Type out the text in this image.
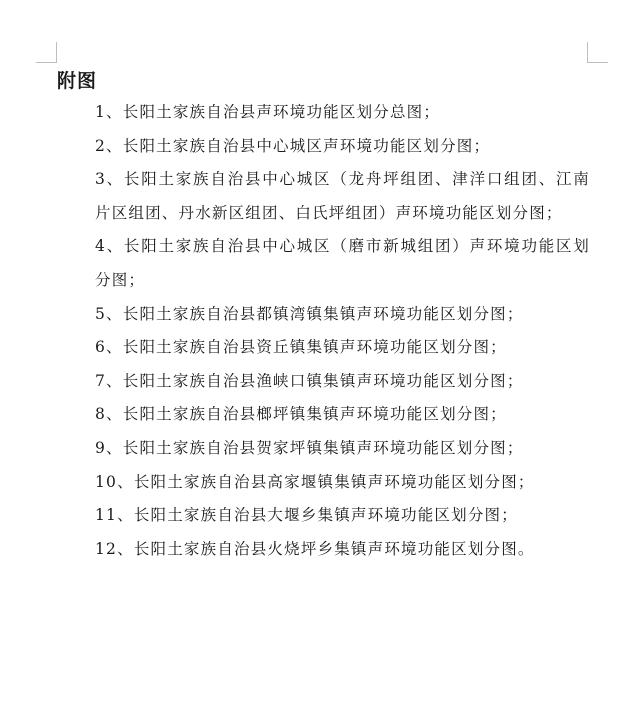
附图
1、长阳土家族自治县声环境功能区划分总图；
2、长阳土家族自治县中心城区声环境功能区划分图；
3、长阳土家族自治县中心城区（龙舟坪组团、津洋口组团、江南片区组团、丹水新区组团、白氏坪组团）声环境功能区划分图；
4、长阳土家族自治县中心城区（磨市新城组团）声环境功能区划分图；
5、长阳土家族自治县都镇湾镇集镇声环境功能区划分图；
6、长阳土家族自治县资丘镇集镇声环境功能区划分图；
7、长阳土家族自治县渔峡口镇集镇声环境功能区划分图；
8、长阳土家族自治县榔坪镇集镇声环境功能区划分图；
9、长阳土家族自治县贺家坪镇集镇声环境功能区划分图；
10、长阳土家族自治县高家堰镇集镇声环境功能区划分图；
11、长阳土家族自治县大堰乡集镇声环境功能区划分图；
12、长阳土家族自治县火烧坪乡集镇声环境功能区划分图。
